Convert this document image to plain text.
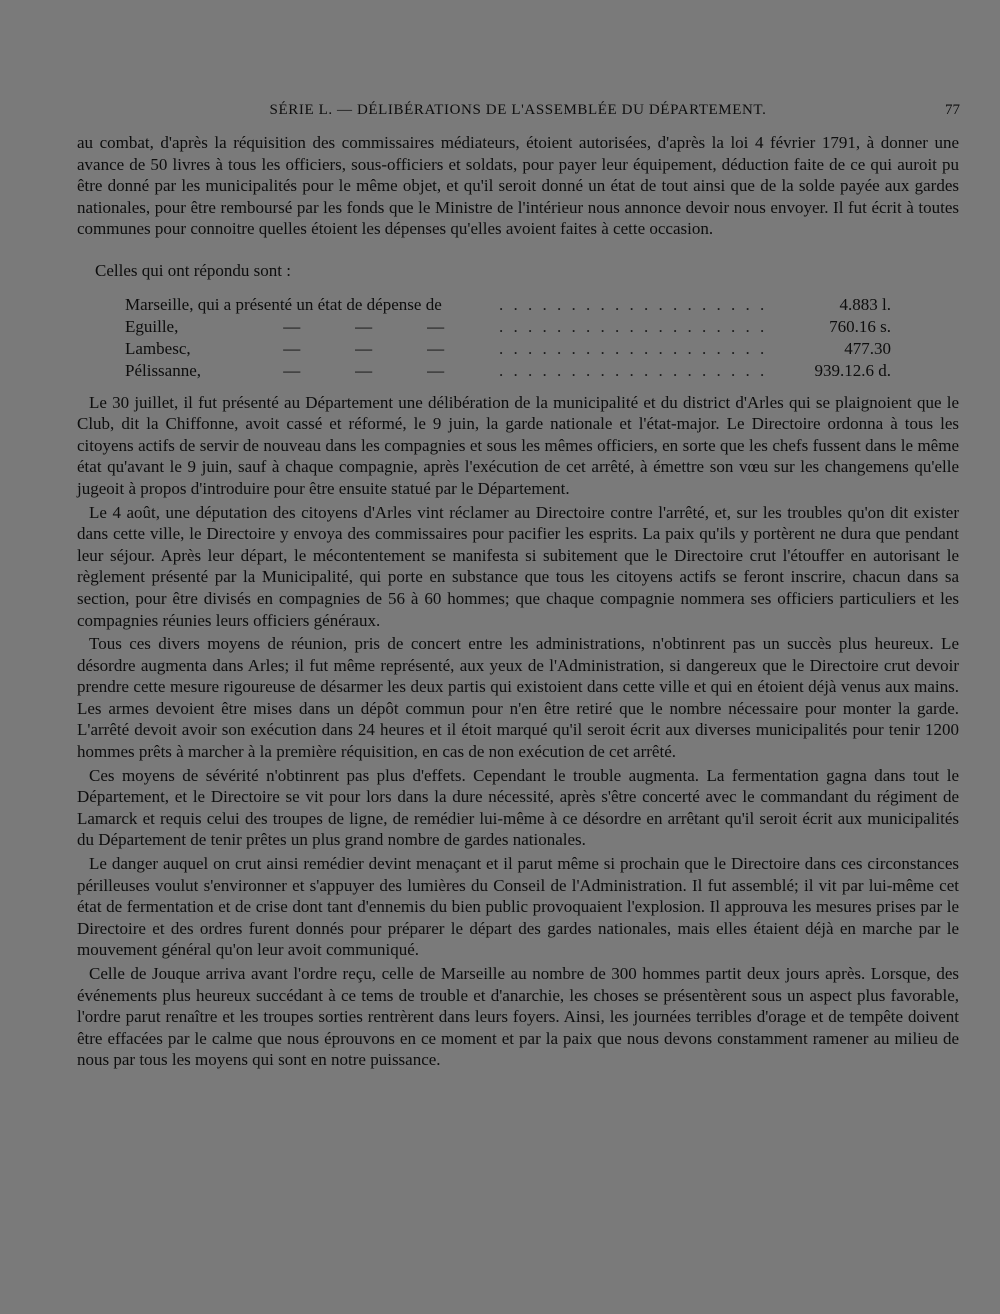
SÉRIE L. — DÉLIBÉRATIONS DE L'ASSEMBLÉE DU DÉPARTEMENT.	77

au combat, d'après la réquisition des commissaires médiateurs, étoient autorisées, d'après la loi 4 février 1791, à donner une avance de 50 livres à tous les officiers, sous-officiers et soldats, pour payer leur équipement, déduction faite de ce qui auroit pu être donné par les municipalités pour le même objet, et qu'il seroit donné un état de tout ainsi que de la solde payée aux gardes nationales, pour être remboursé par les fonds que le Ministre de l'intérieur nous annonce devoir nous envoyer. Il fut écrit à toutes communes pour connoitre quelles étoient les dépenses qu'elles avoient faites à cette occasion.

Celles qui ont répondu sont :

Marseille, qui a présenté un état de dépense de				. . . . . . . . . . . . . . . . . . .	4.883 l.
Eguille,	—	—	—	. . . . . . . . . . . . . . . . . . .	760.16 s.
Lambesc,	—	—	—	. . . . . . . . . . . . . . . . . . .	477.30
Pélissanne,	—	—	—	. . . . . . . . . . . . . . . . . . .	939.12.6 d.

Le 30 juillet, il fut présenté au Département une délibération de la municipalité et du district d'Arles qui se plaignoient que le Club, dit la Chiffonne, avoit cassé et réformé, le 9 juin, la garde nationale et l'état-major. Le Directoire ordonna à tous les citoyens actifs de servir de nouveau dans les compagnies et sous les mêmes officiers, en sorte que les chefs fussent dans le même état qu'avant le 9 juin, sauf à chaque compagnie, après l'exécution de cet arrêté, à émettre son vœu sur les changemens qu'elle jugeoit à propos d'introduire pour être ensuite statué par le Département.

Le 4 août, une députation des citoyens d'Arles vint réclamer au Directoire contre l'arrêté, et, sur les troubles qu'on dit exister dans cette ville, le Directoire y envoya des commissaires pour pacifier les esprits. La paix qu'ils y portèrent ne dura que pendant leur séjour. Après leur départ, le mécontentement se manifesta si subitement que le Directoire crut l'étouffer en autorisant le règlement présenté par la Municipalité, qui porte en substance que tous les citoyens actifs se feront inscrire, chacun dans sa section, pour être divisés en compagnies de 56 à 60 hommes; que chaque compagnie nommera ses officiers particuliers et les compagnies réunies leurs officiers généraux.

Tous ces divers moyens de réunion, pris de concert entre les administrations, n'obtinrent pas un succès plus heureux. Le désordre augmenta dans Arles; il fut même représenté, aux yeux de l'Administration, si dangereux que le Directoire crut devoir prendre cette mesure rigoureuse de désarmer les deux partis qui existoient dans cette ville et qui en étoient déjà venus aux mains. Les armes devoient être mises dans un dépôt commun pour n'en être retiré que le nombre nécessaire pour monter la garde. L'arrêté devoit avoir son exécution dans 24 heures et il étoit marqué qu'il seroit écrit aux diverses municipalités pour tenir 1200 hommes prêts à marcher à la première réquisition, en cas de non exécution de cet arrêté.

Ces moyens de sévérité n'obtinrent pas plus d'effets. Cependant le trouble augmenta. La fermentation gagna dans tout le Département, et le Directoire se vit pour lors dans la dure nécessité, après s'être concerté avec le commandant du régiment de Lamarck et requis celui des troupes de ligne, de remédier lui-même à ce désordre en arrêtant qu'il seroit écrit aux municipalités du Département de tenir prêtes un plus grand nombre de gardes nationales.

Le danger auquel on crut ainsi remédier devint menaçant et il parut même si prochain que le Directoire dans ces circonstances périlleuses voulut s'environner et s'appuyer des lumières du Conseil de l'Administration. Il fut assemblé; il vit par lui-même cet état de fermentation et de crise dont tant d'ennemis du bien public provoquaient l'explosion. Il approuva les mesures prises par le Directoire et des ordres furent donnés pour préparer le départ des gardes nationales, mais elles étaient déjà en marche par le mouvement général qu'on leur avoit communiqué.

Celle de Jouque arriva avant l'ordre reçu, celle de Marseille au nombre de 300 hommes partit deux jours après. Lorsque, des événements plus heureux succédant à ce tems de trouble et d'anarchie, les choses se présentèrent sous un aspect plus favorable, l'ordre parut renaître et les troupes sorties rentrèrent dans leurs foyers. Ainsi, les journées terribles d'orage et de tempête doivent être effacées par le calme que nous éprouvons en ce moment et par la paix que nous devons constamment ramener au milieu de nous par tous les moyens qui sont en notre puissance.
